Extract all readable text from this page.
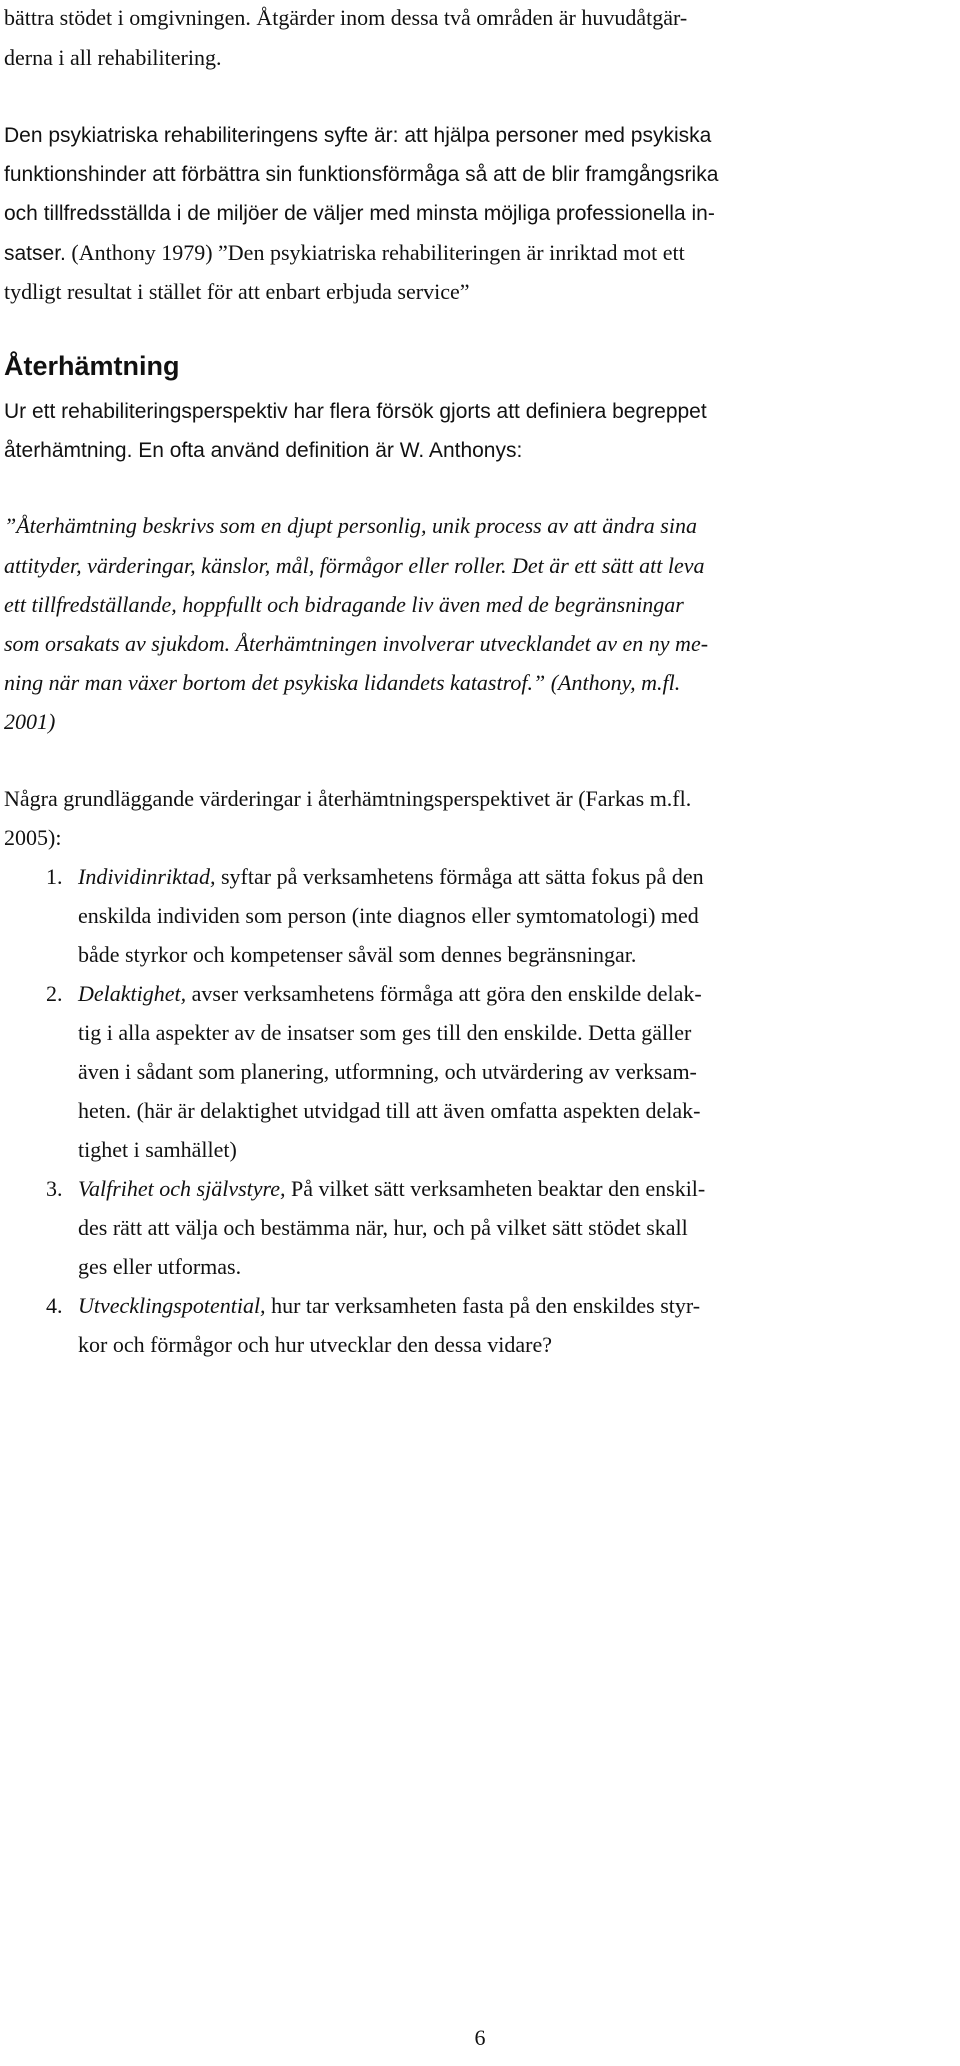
bättra stödet i omgivningen. Åtgärder inom dessa två områden är huvudåtgär-
derna i all rehabilitering.
Den psykiatriska rehabiliteringens syfte är: att hjälpa personer med psykiska
funktionshinder att förbättra sin funktionsförmåga så att de blir framgångsrika
och tillfredsställda i de miljöer de väljer med minsta möjliga professionella in-
satser. (Anthony 1979) ”Den psykiatriska rehabiliteringen är inriktad mot ett
tydligt resultat i stället för att enbart erbjuda service”
Återhämtning
Ur ett rehabiliteringsperspektiv har flera försök gjorts att definiera begreppet
återhämtning. En ofta använd definition är W. Anthonys:
”Återhämtning beskrivs som en djupt personlig, unik process av att ändra sina
attityder, värderingar, känslor, mål, förmågor eller roller. Det är ett sätt att leva
ett tillfredställande, hoppfullt och bidragande liv även med de begränsningar
som orsakats av sjukdom. Återhämtningen involverar utvecklandet av en ny me-
ning när man växer bortom det psykiska lidandets katastrof.” (Anthony, m.fl.
2001)
Några grundläggande värderingar i återhämtningsperspektivet är (Farkas m.fl.
2005):
1. Individinriktad, syftar på verksamhetens förmåga att sätta fokus på den
enskilda individen som person (inte diagnos eller symtomatologi) med
både styrkor och kompetenser såväl som dennes begränsningar.
2. Delaktighet, avser verksamhetens förmåga att göra den enskilde delak-
tig i alla aspekter av de insatser som ges till den enskilde. Detta gäller
även i sådant som planering, utformning, och utvärdering av verksam-
heten. (här är delaktighet utvidgad till att även omfatta aspekten delak-
tighet i samhället)
3. Valfrihet och självstyre, På vilket sätt verksamheten beaktar den enskil-
des rätt att välja och bestämma när, hur, och på vilket sätt stödet skall
ges eller utformas.
4. Utvecklingspotential, hur tar verksamheten fasta på den enskildes styr-
kor och förmågor och hur utvecklar den dessa vidare?
6
